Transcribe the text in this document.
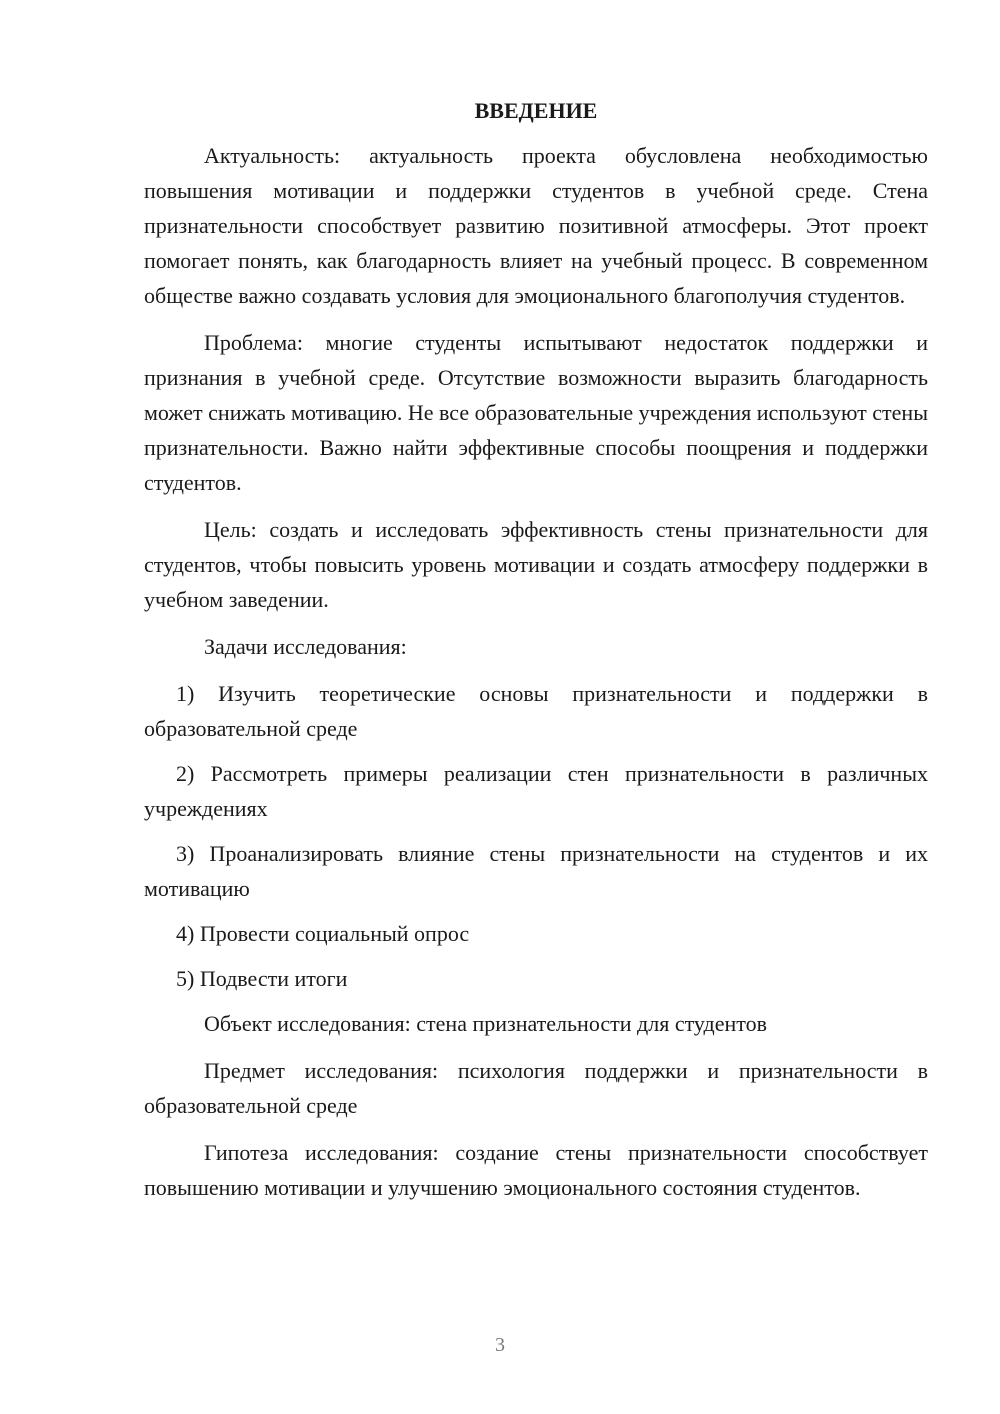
ВВЕДЕНИЕ

Актуальность: актуальность проекта обусловлена необходимостью повышения мотивации и поддержки студентов в учебной среде. Стена признательности способствует развитию позитивной атмосферы. Этот проект помогает понять, как благодарность влияет на учебный процесс. В современном обществе важно создавать условия для эмоционального благополучия студентов.

Проблема: многие студенты испытывают недостаток поддержки и признания в учебной среде. Отсутствие возможности выразить благодарность может снижать мотивацию. Не все образовательные учреждения используют стены признательности. Важно найти эффективные способы поощрения и поддержки студентов.

Цель: создать и исследовать эффективность стены признательности для студентов, чтобы повысить уровень мотивации и создать атмосферу поддержки в учебном заведении.

Задачи исследования:

1) Изучить теоретические основы признательности и поддержки в образовательной среде

2) Рассмотреть примеры реализации стен признательности в различных учреждениях

3) Проанализировать влияние стены признательности на студентов и их мотивацию

4) Провести социальный опрос

5) Подвести итоги

Объект исследования: стена признательности для студентов

Предмет исследования: психология поддержки и признательности в образовательной среде

Гипотеза исследования: создание стены признательности способствует повышению мотивации и улучшению эмоционального состояния студентов.

3
